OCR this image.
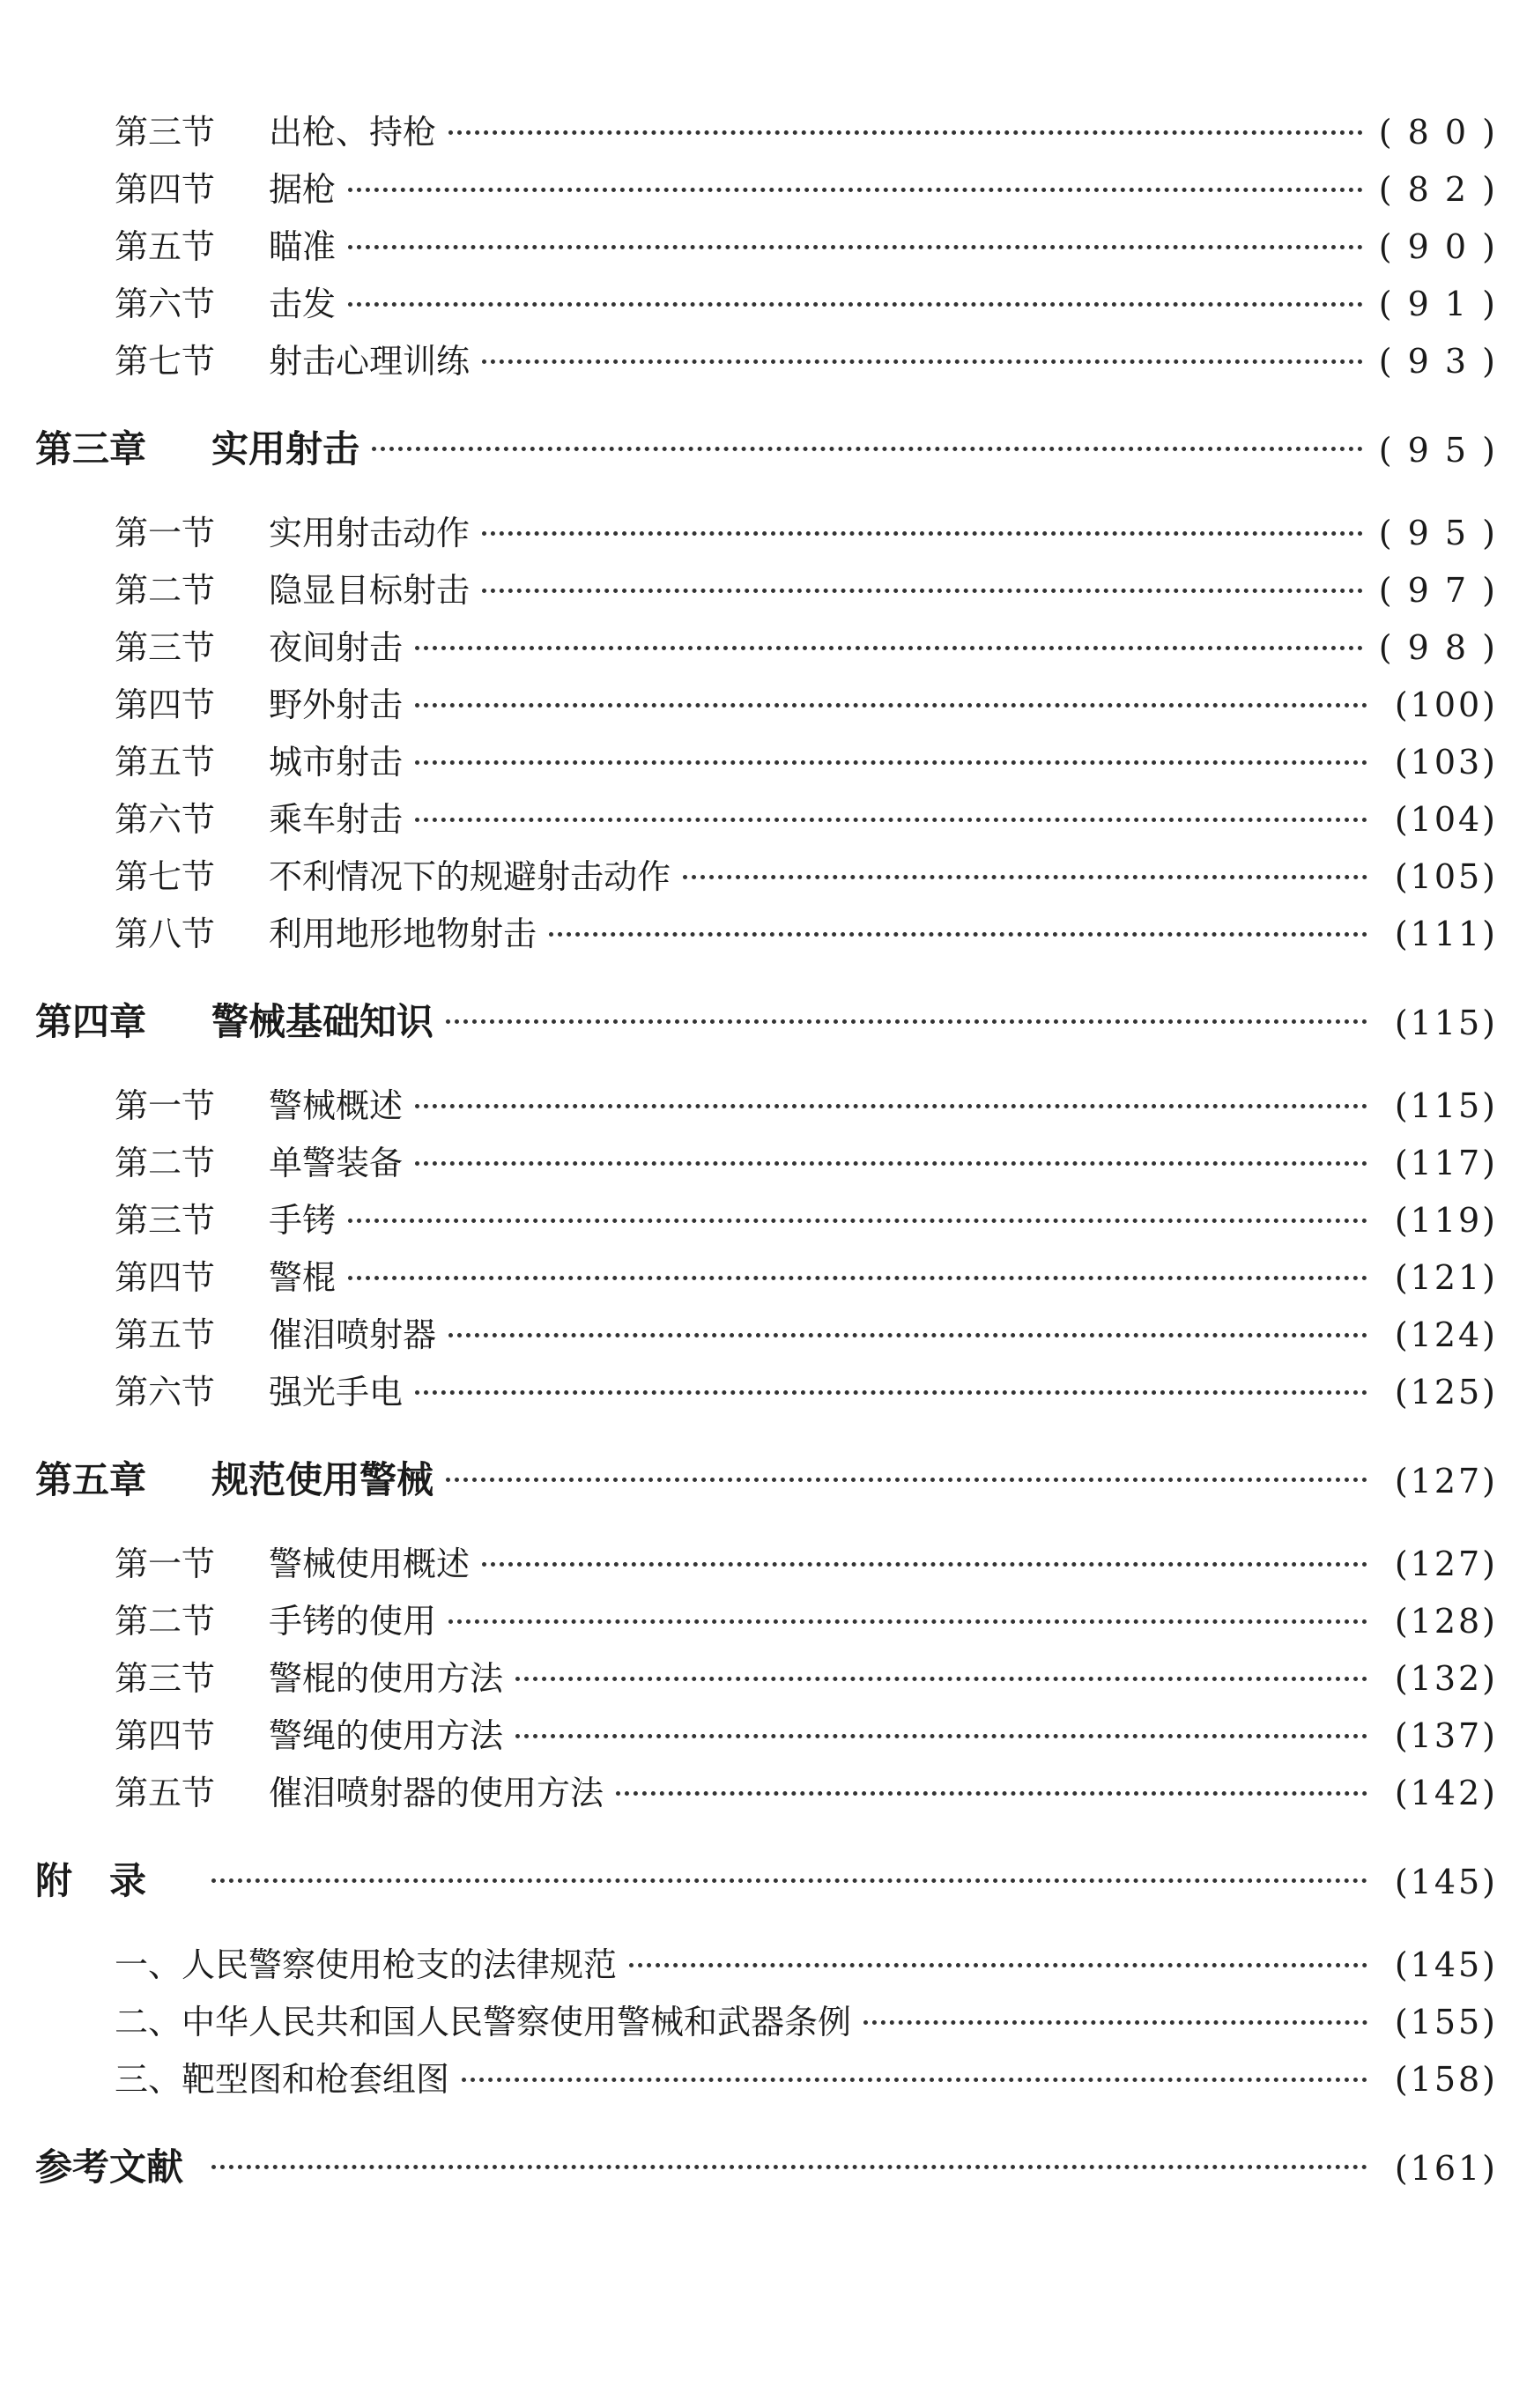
第三节	出枪、持枪	( 8 0 )
第四节	据枪	( 8 2 )
第五节	瞄准	( 9 0 )
第六节	击发	( 9 1 )
第七节	射击心理训练	( 9 3 )
第三章	实用射击	( 9 5 )
第一节	实用射击动作	( 9 5 )
第二节	隐显目标射击	( 9 7 )
第三节	夜间射击	( 9 8 )
第四节	野外射击	(100)
第五节	城市射击	(103)
第六节	乘车射击	(104)
第七节	不利情况下的规避射击动作	(105)
第八节	利用地形地物射击	(111)
第四章	警械基础知识	(115)
第一节	警械概述	(115)
第二节	单警装备	(117)
第三节	手铐	(119)
第四节	警棍	(121)
第五节	催泪喷射器	(124)
第六节	强光手电	(125)
第五章	规范使用警械	(127)
第一节	警械使用概述	(127)
第二节	手铐的使用	(128)
第三节	警棍的使用方法	(132)
第四节	警绳的使用方法	(137)
第五节	催泪喷射器的使用方法	(142)
附　录	(145)
一、人民警察使用枪支的法律规范	(145)
二、中华人民共和国人民警察使用警械和武器条例	(155)
三、靶型图和枪套组图	(158)
参考文献	(161)
